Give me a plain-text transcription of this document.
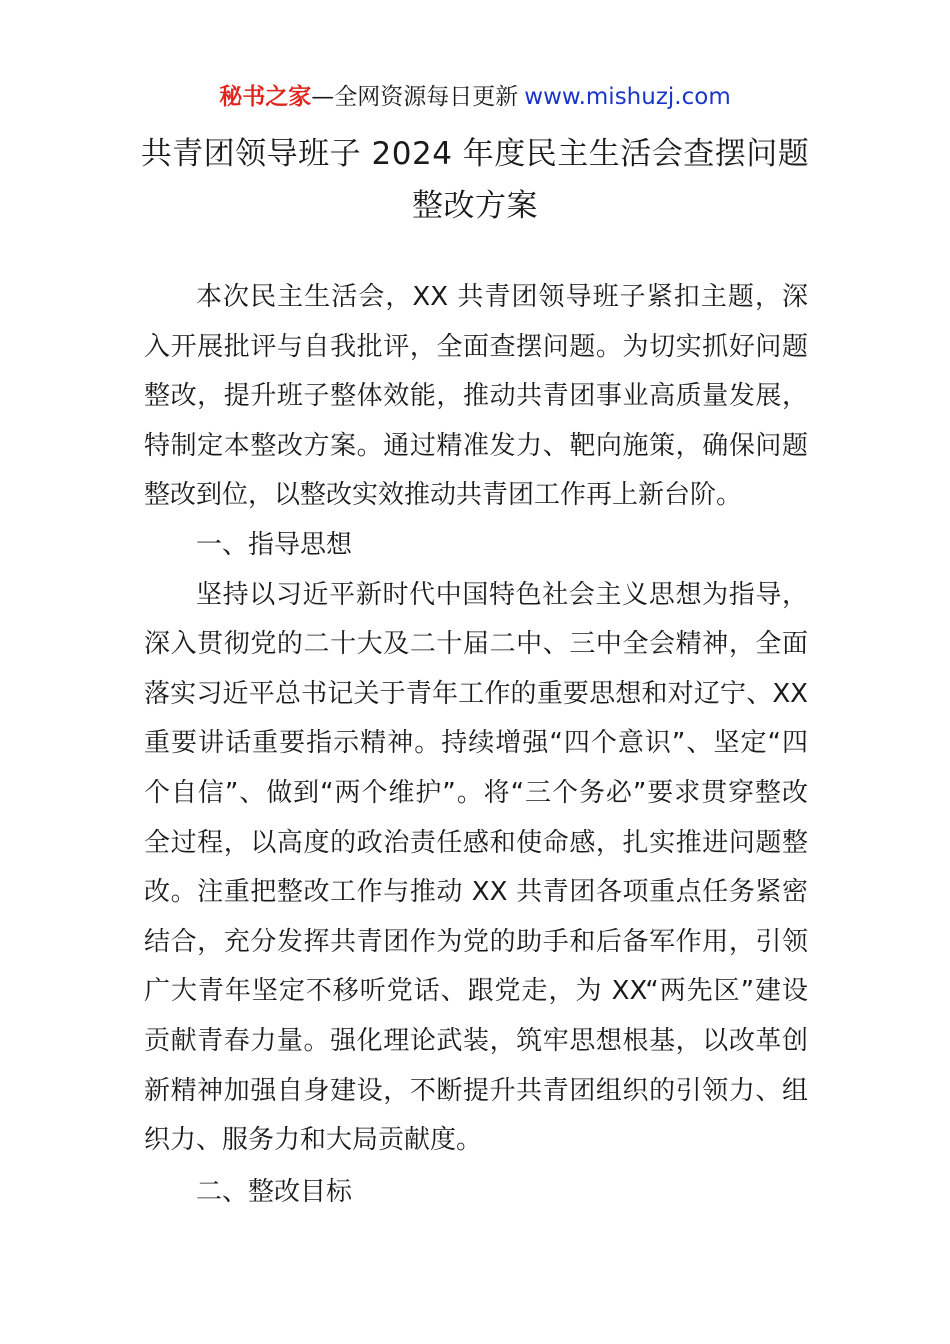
秘书之家—全网资源每日更新 www.mishuzj.com
共青团领导班子 2024 年度民主生活会查摆问题
整改方案

本次民主生活会，XX 共青团领导班子紧扣主题，深入开展批评与自我批评，全面查摆问题。为切实抓好问题整改，提升班子整体效能，推动共青团事业高质量发展，特制定本整改方案。通过精准发力、靶向施策，确保问题整改到位，以整改实效推动共青团工作再上新台阶。

一、指导思想

坚持以习近平新时代中国特色社会主义思想为指导，深入贯彻党的二十大及二十届二中、三中全会精神，全面落实习近平总书记关于青年工作的重要思想和对辽宁、XX 重要讲话重要指示精神。持续增强“四个意识”、坚定“四个自信”、做到“两个维护”。将“三个务必”要求贯穿整改全过程，以高度的政治责任感和使命感，扎实推进问题整改。注重把整改工作与推动 XX 共青团各项重点任务紧密结合，充分发挥共青团作为党的助手和后备军作用，引领广大青年坚定不移听党话、跟党走，为 XX“两先区”建设贡献青春力量。强化理论武装，筑牢思想根基，以改革创新精神加强自身建设，不断提升共青团组织的引领力、组织力、服务力和大局贡献度。

二、整改目标
